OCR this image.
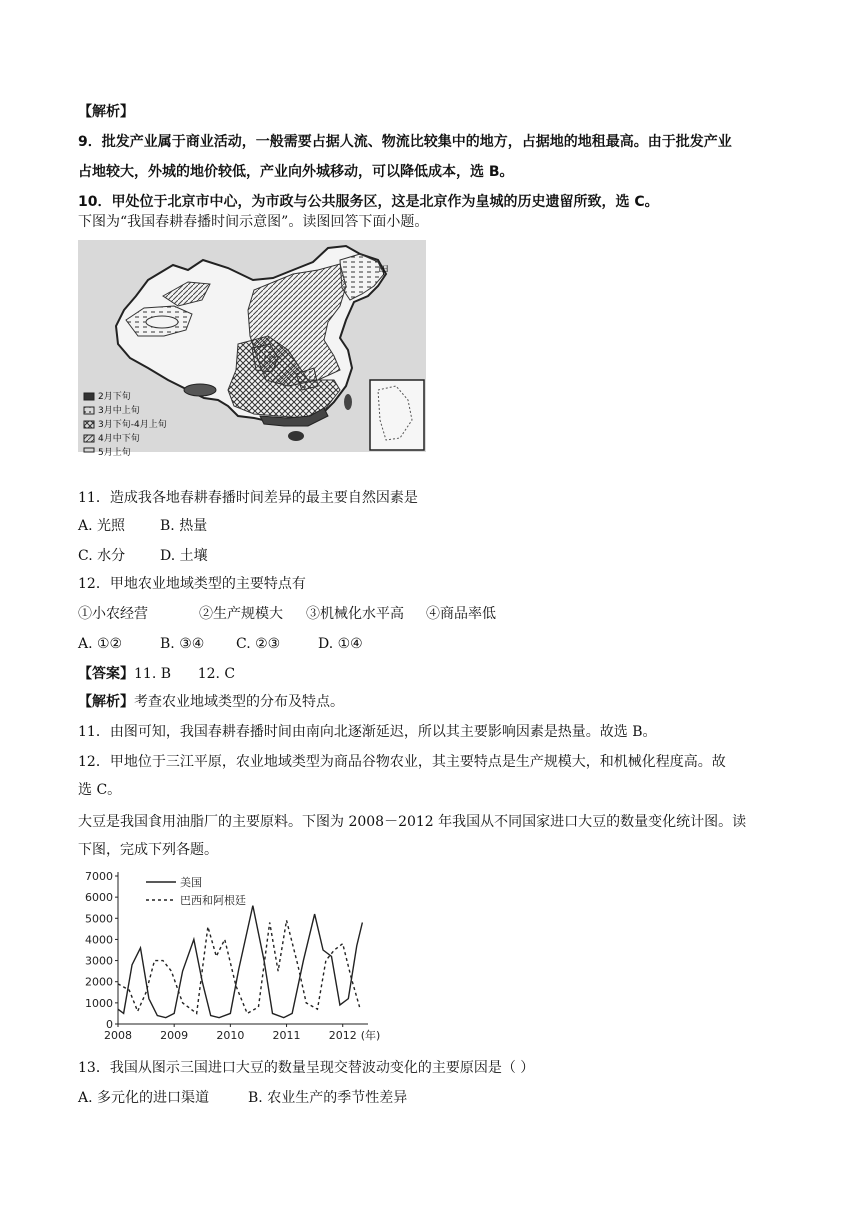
【解析】
9．批发产业属于商业活动，一般需要占据人流、物流比较集中的地方，占据地的地租最高。由于批发产业
占地较大，外城的地价较低，产业向外城移动，可以降低成本，选 B。
10．甲处位于北京市中心，为市政与公共服务区，这是北京作为皇城的历史遗留所致，选 C。
下图为“我国春耕春播时间示意图”。读图回答下面小题。
甲
2月下旬
3月中上旬
3月下旬-4月上旬
4月中下旬
5月上旬
11．造成我各地春耕春播时间差异的最主要自然因素是
A. 光照 B. 热量
C. 水分 D. 土壤
12．甲地农业地域类型的主要特点有
①小农经营	②生产规模大 ③机械化水平高 ④商品率低
A. ①②	B. ③④ C. ②③	D. ①④
【答案】11. B      12. C
【解析】考查农业地域类型的分布及特点。
11．由图可知，我国春耕春播时间由南向北逐渐延迟，所以其主要影响因素是热量。故选 B。
12．甲地位于三江平原，农业地域类型为商品谷物农业，其主要特点是生产规模大，和机械化程度高。故
选 C。
大豆是我国食用油脂厂的主要原料。下图为 2008－2012 年我国从不同国家进口大豆的数量变化统计图。读
下图，完成下列各题。
0
1000
2000
3000
4000
5000
6000
7000
2008	2009	2010	2011	2012 (年)
美国
巴西和阿根廷
13．我国从图示三国进口大豆的数量呈现交替波动变化的主要原因是（ ）
A. 多元化的进口渠道	B. 农业生产的季节性差异
